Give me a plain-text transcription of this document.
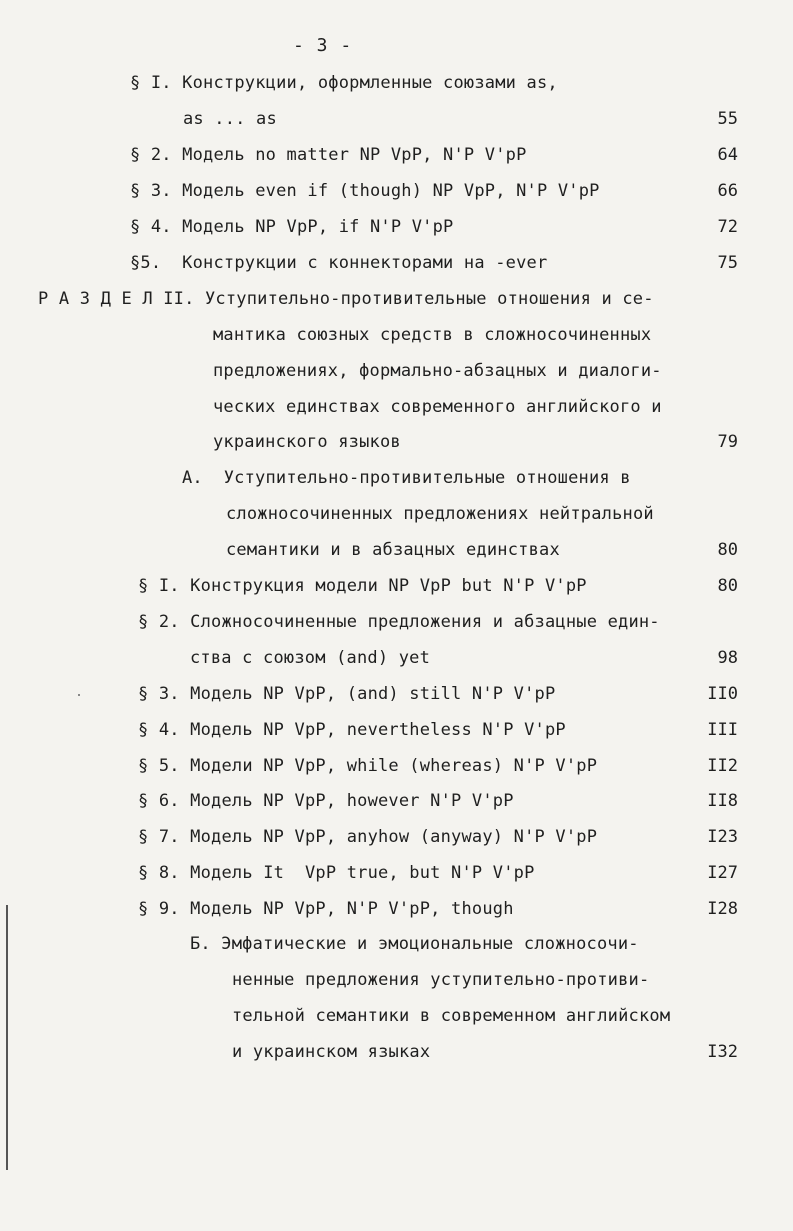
- 3 -
§ I. Конструкции, оформленные союзами as,
as ... as	55
§ 2. Модель no matter NP VpP, N'P V'pP	64
§ 3. Модель even if (though) NP VpP, N'P V'pP	66
§ 4. Модель NP VpP, if N'P V'pP	72
§5.  Конструкции с коннекторами на -ever	75
Р А З Д Е Л II. Уступительно-противительные отношения и се-
мантика союзных средств в сложносочиненных
предложениях, формально-абзацных и диалоги-
ческих единствах современного английского и
украинского языков	79
А.  Уступительно-противительные отношения в
сложносочиненных предложениях нейтральной
семантики и в абзацных единствах	80
§ I. Конструкция модели NP VpP but N'P V'pP	80
§ 2. Сложносочиненные предложения и абзацные един-
ства с союзом (and) yet	98
§ 3. Модель NP VpP, (and) still N'P V'pP	II0
§ 4. Модель NP VpP, nevertheless N'P V'pP	III
§ 5. Модели NP VpP, while (whereas) N'P V'pP	II2
§ 6. Модель NP VpP, however N'P V'pP	II8
§ 7. Модель NP VpP, anyhow (anyway) N'P V'pP	I23
§ 8. Модель It  VpP true, but N'P V'pP	I27
§ 9. Модель NP VpP, N'P V'pP, though	I28
Б. Эмфатические и эмоциональные сложносочи-
ненные предложения уступительно-противи-
тельной семантики в современном английском
и украинском языках	I32
